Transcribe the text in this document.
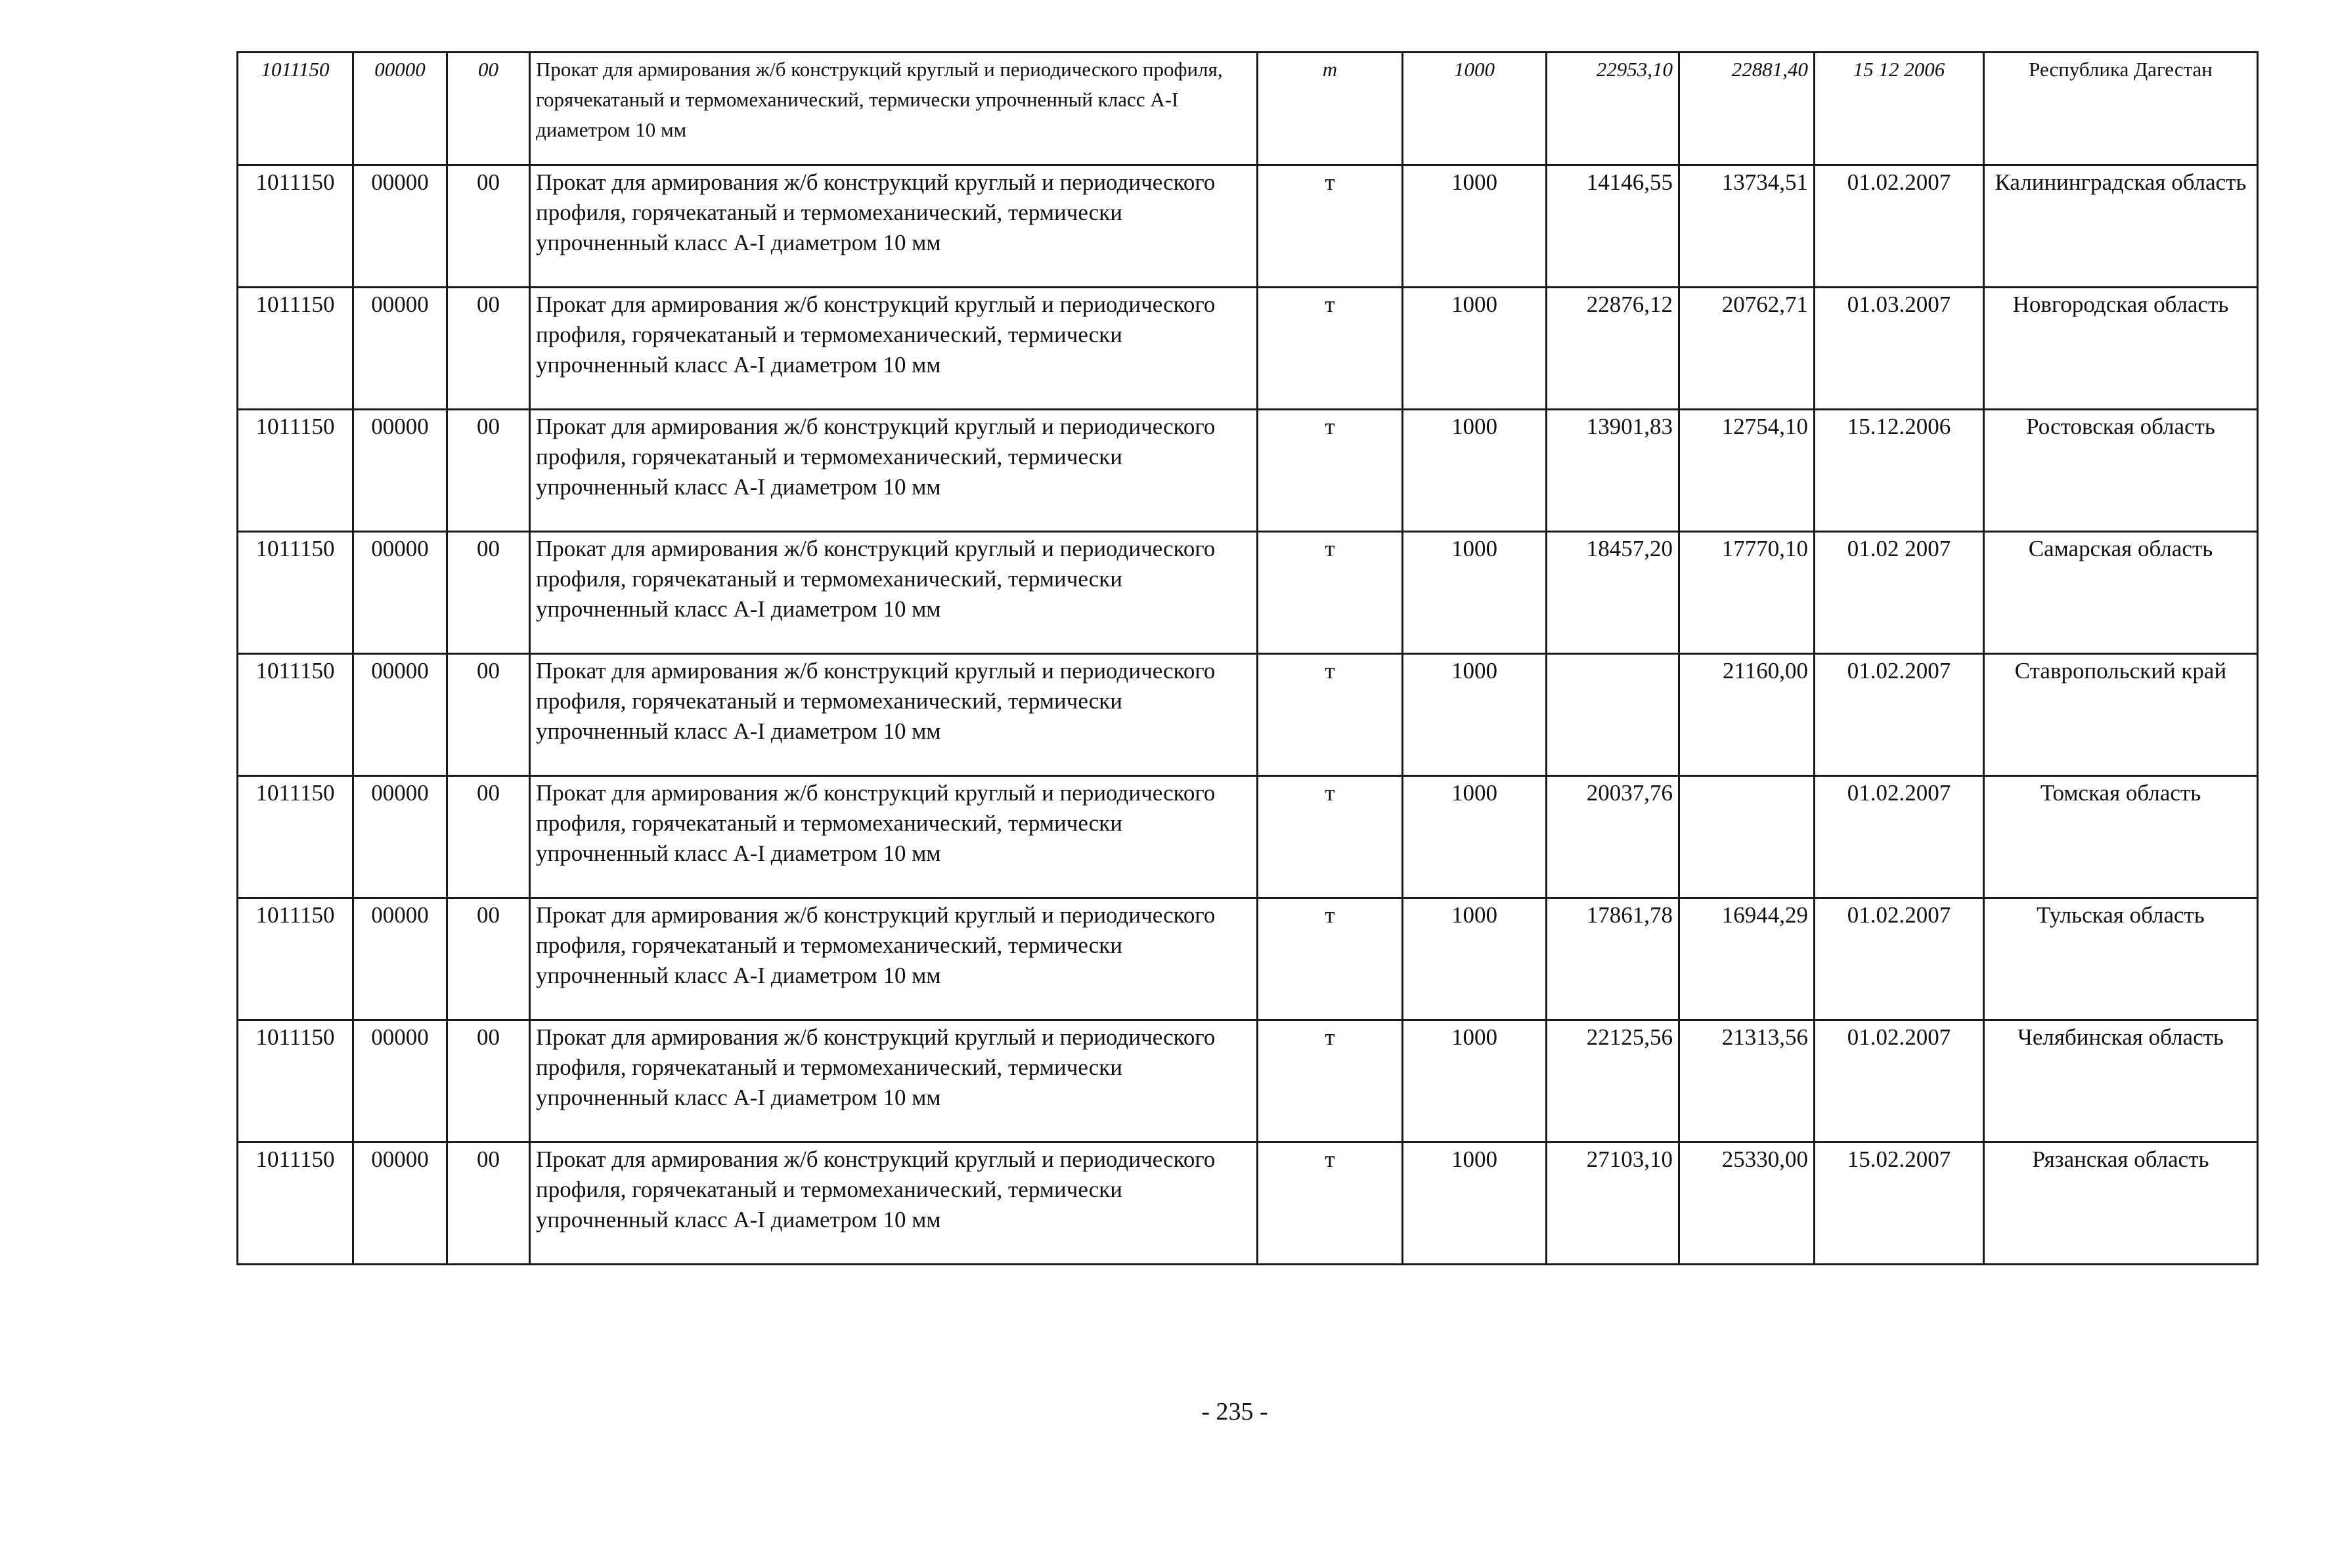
1011150	00000	00	Прокат для армирования ж/б конструкций круглый и периодического профиля, горячекатаный и термомеханический, термически упрочненный класс А-I диаметром 10 мм	т	1000	22953,10	22881,40	15 12 2006	Республика Дагестан
1011150	00000	00	Прокат для армирования ж/б конструкций круглый и периодического профиля, горячекатаный и термомеханический, термически упрочненный класс А-I диаметром 10 мм	т	1000	14146,55	13734,51	01.02.2007	Калининградская область
1011150	00000	00	Прокат для армирования ж/б конструкций круглый и периодического профиля, горячекатаный и термомеханический, термически упрочненный класс А-I диаметром 10 мм	т	1000	22876,12	20762,71	01.03.2007	Новгородская область
1011150	00000	00	Прокат для армирования ж/б конструкций круглый и периодического профиля, горячекатаный и термомеханический, термически упрочненный класс А-I диаметром 10 мм	т	1000	13901,83	12754,10	15.12.2006	Ростовская область
1011150	00000	00	Прокат для армирования ж/б конструкций круглый и периодического профиля, горячекатаный и термомеханический, термически упрочненный класс А-I диаметром 10 мм	т	1000	18457,20	17770,10	01.02 2007	Самарская область
1011150	00000	00	Прокат для армирования ж/б конструкций круглый и периодического профиля, горячекатаный и термомеханический, термически упрочненный класс А-I диаметром 10 мм	т	1000		21160,00	01.02.2007	Ставропольский край
1011150	00000	00	Прокат для армирования ж/б конструкций круглый и периодического профиля, горячекатаный и термомеханический, термически упрочненный класс А-I диаметром 10 мм	т	1000	20037,76		01.02.2007	Томская область
1011150	00000	00	Прокат для армирования ж/б конструкций круглый и периодического профиля, горячекатаный и термомеханический, термически упрочненный класс А-I диаметром 10 мм	т	1000	17861,78	16944,29	01.02.2007	Тульская область
1011150	00000	00	Прокат для армирования ж/б конструкций круглый и периодического профиля, горячекатаный и термомеханический, термически упрочненный класс А-I диаметром 10 мм	т	1000	22125,56	21313,56	01.02.2007	Челябинская область
1011150	00000	00	Прокат для армирования ж/б конструкций круглый и периодического профиля, горячекатаный и термомеханический, термически упрочненный класс А-I диаметром 10 мм	т	1000	27103,10	25330,00	15.02.2007	Рязанская область
- 235 -
